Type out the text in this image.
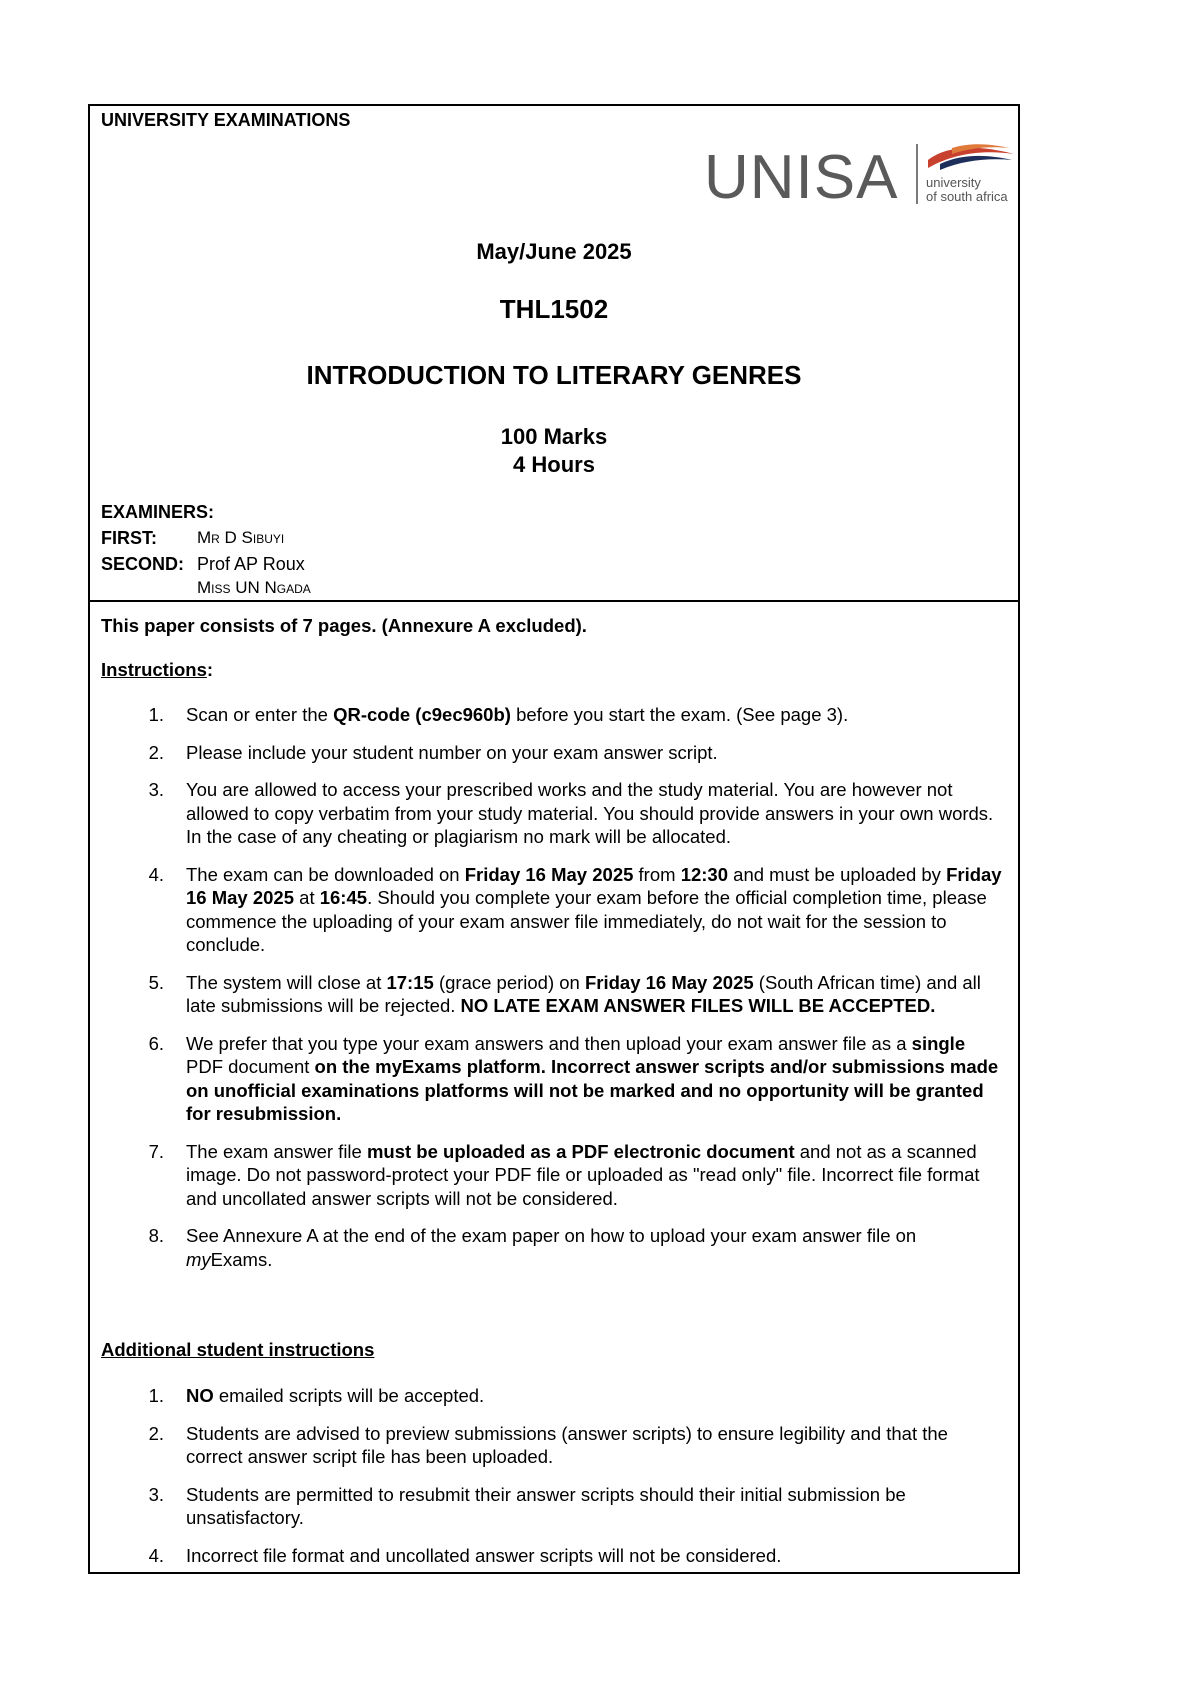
UNIVERSITY EXAMINATIONS
UNISA university
of south africa
May/June 2025
THL1502
INTRODUCTION TO LITERARY GENRES
100 Marks
4 Hours
EXAMINERS:
FIRST: Mr D Sibuyi
SECOND: Prof AP Roux
Miss UN Ngada
This paper consists of 7 pages. (Annexure A excluded).
Instructions:
1. Scan or enter the QR-code (c9ec960b) before you start the exam. (See page 3).
2. Please include your student number on your exam answer script.
3. You are allowed to access your prescribed works and the study material. You are however not allowed to copy verbatim from your study material. You should provide answers in your own words. In the case of any cheating or plagiarism no mark will be allocated.
4. The exam can be downloaded on Friday 16 May 2025 from 12:30 and must be uploaded by Friday 16 May 2025 at 16:45. Should you complete your exam before the official completion time, please commence the uploading of your exam answer file immediately, do not wait for the session to conclude.
5. The system will close at 17:15 (grace period) on Friday 16 May 2025 (South African time) and all late submissions will be rejected. NO LATE EXAM ANSWER FILES WILL BE ACCEPTED.
6. We prefer that you type your exam answers and then upload your exam answer file as a single PDF document on the myExams platform. Incorrect answer scripts and/or submissions made on unofficial examinations platforms will not be marked and no opportunity will be granted for resubmission.
7. The exam answer file must be uploaded as a PDF electronic document and not as a scanned image. Do not password-protect your PDF file or uploaded as "read only" file. Incorrect file format and uncollated answer scripts will not be considered.
8. See Annexure A at the end of the exam paper on how to upload your exam answer file on myExams.
Additional student instructions
1. NO emailed scripts will be accepted.
2. Students are advised to preview submissions (answer scripts) to ensure legibility and that the correct answer script file has been uploaded.
3. Students are permitted to resubmit their answer scripts should their initial submission be unsatisfactory.
4. Incorrect file format and uncollated answer scripts will not be considered.
